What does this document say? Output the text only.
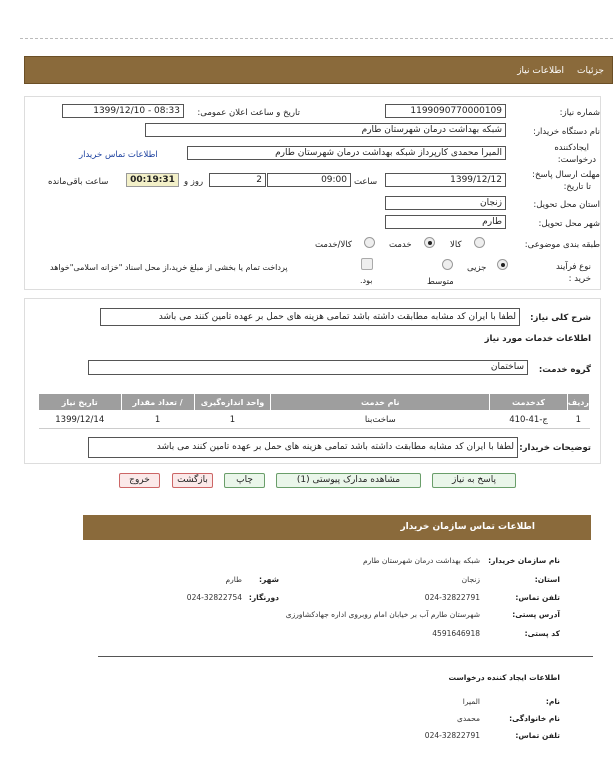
جزئیات
اطلاعات نیاز
شماره نیاز:
1199090770000109
تاریخ و ساعت اعلان عمومی:
1399/12/10 - 08:33
نام دستگاه خریدار:
شبکه بهداشت درمان شهرستان طارم
ایجادکننده
درخواست:
المیرا محمدی کارپرداز شبکه بهداشت درمان شهرستان طارم
اطلاعات تماس خریدار
مهلت ارسال پاسخ:
تا تاریخ:
1399/12/12
ساعت
09:00
روز و	2
00:19:31
ساعت باقی‌مانده
استان محل تحویل:
زنجان
شهر محل تحویل:
طارم
طبقه بندی موضوعی:
کالا
خدمت
کالا/خدمت
نوع فرآیند
خرید :
جزیی
متوسط
پرداخت تمام یا بخشی از مبلغ خرید،از محل اسناد "خزانه اسلامی"خواهد
بود.
شرح کلی نیاز:
لطفا با ایران کد مشابه مطابقت داشته باشد تمامی هزینه های حمل بر عهده تامین کنند می باشد
اطلاعات خدمات مورد نیاز
گروه خدمت:
ساختمان
ردیف	کدخدمت	نام خدمت	واحد اندازه‌گیری	/ تعداد مقدار	تاریخ نیاز
1	ج-41-410	ساخت‌بنا	1	1	1399/12/14
توضیحات خریدار:
لطفا با ایران کد مشابه مطابقت داشته باشد تمامی هزینه های حمل بر عهده تامین کنند می باشد
پاسخ به نیاز
مشاهده مدارک پیوستی (1)
چاپ
بازگشت
خروج
اطلاعات تماس سازمان خریدار
نام سازمان خریدار:
شبکه بهداشت درمان شهرستان طارم
استان:
زنجان
شهر:
طارم
تلفن تماس:
024-32822791
دورنگار:
024-32822754
آدرس پستی:
شهرستان طارم آب بر خیابان امام روبروی اداره جهادکشاورزی
کد پستی:
4591646918
اطلاعات ایجاد کننده درخواست
نام:
المیرا
نام خانوادگی:
محمدی
تلفن تماس:
024-32822791
